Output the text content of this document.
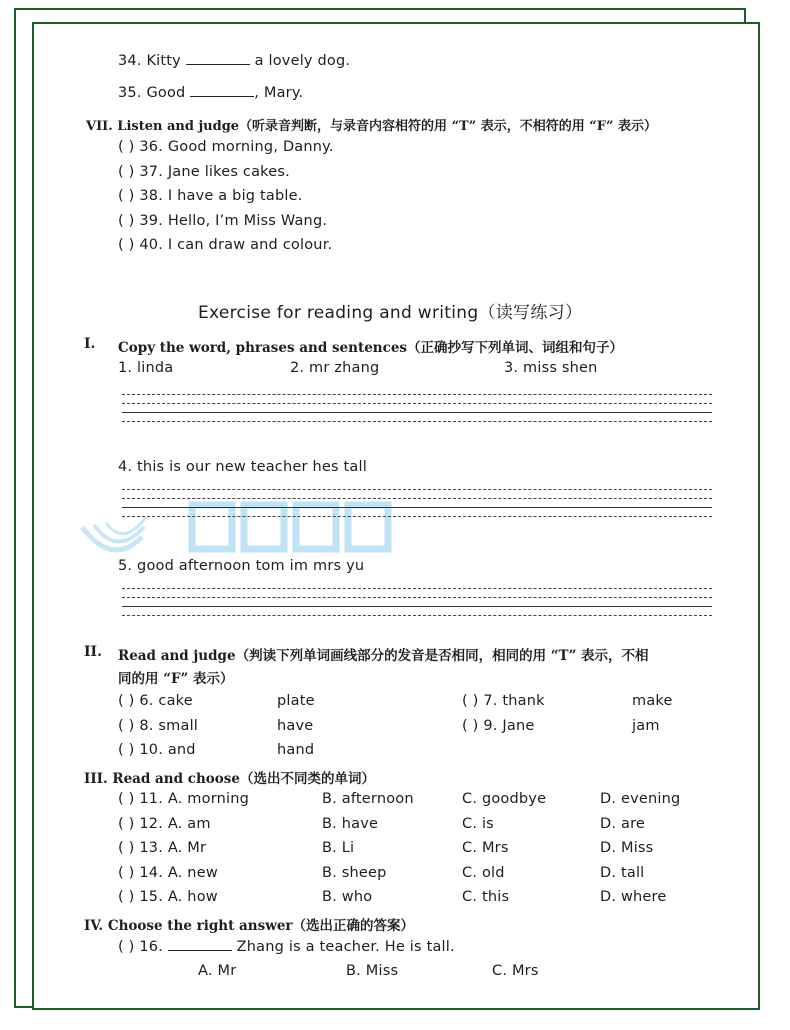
34. Kitty	a lovely dog.
35. Good	, Mary.
VII. Listen and judge（听录音判断，与录音内容相符的用 “T” 表示，不相符的用 “F” 表示）
( ) 36. Good morning, Danny.
( ) 37. Jane likes cakes.
( ) 38. I have a big table.
( ) 39. Hello, I’m Miss Wang.
( ) 40. I can draw and colour.
Exercise for reading and writing（读写练习）
I. Copy the word, phrases and sentences（正确抄写下列单词、词组和句子）
1. linda	2. mr zhang	3. miss shen
4. this is our new teacher hes tall
5. good afternoon tom im mrs yu
II. Read and judge（判读下列单词画线部分的发音是否相同，相同的用 “T” 表示，不相
同的用 “F” 表示）
( ) 6. cake	plate	( ) 7. thank	make
( ) 8. small	have	( ) 9. Jane	jam
( ) 10. and	hand
III. Read and choose（选出不同类的单词）
( ) 11. A. morning	B. afternoon	C. goodbye	D. evening
( ) 12. A. am	B. have	C. is	D. are
( ) 13. A. Mr	B. Li	C. Mrs	D. Miss
( ) 14. A. new	B. sheep	C. old	D. tall
( ) 15. A. how	B. who	C. this	D. where
IV. Choose the right answer（选出正确的答案）
( ) 16.	Zhang is a teacher. He is tall.
A. Mr	B. Miss	C. Mrs
